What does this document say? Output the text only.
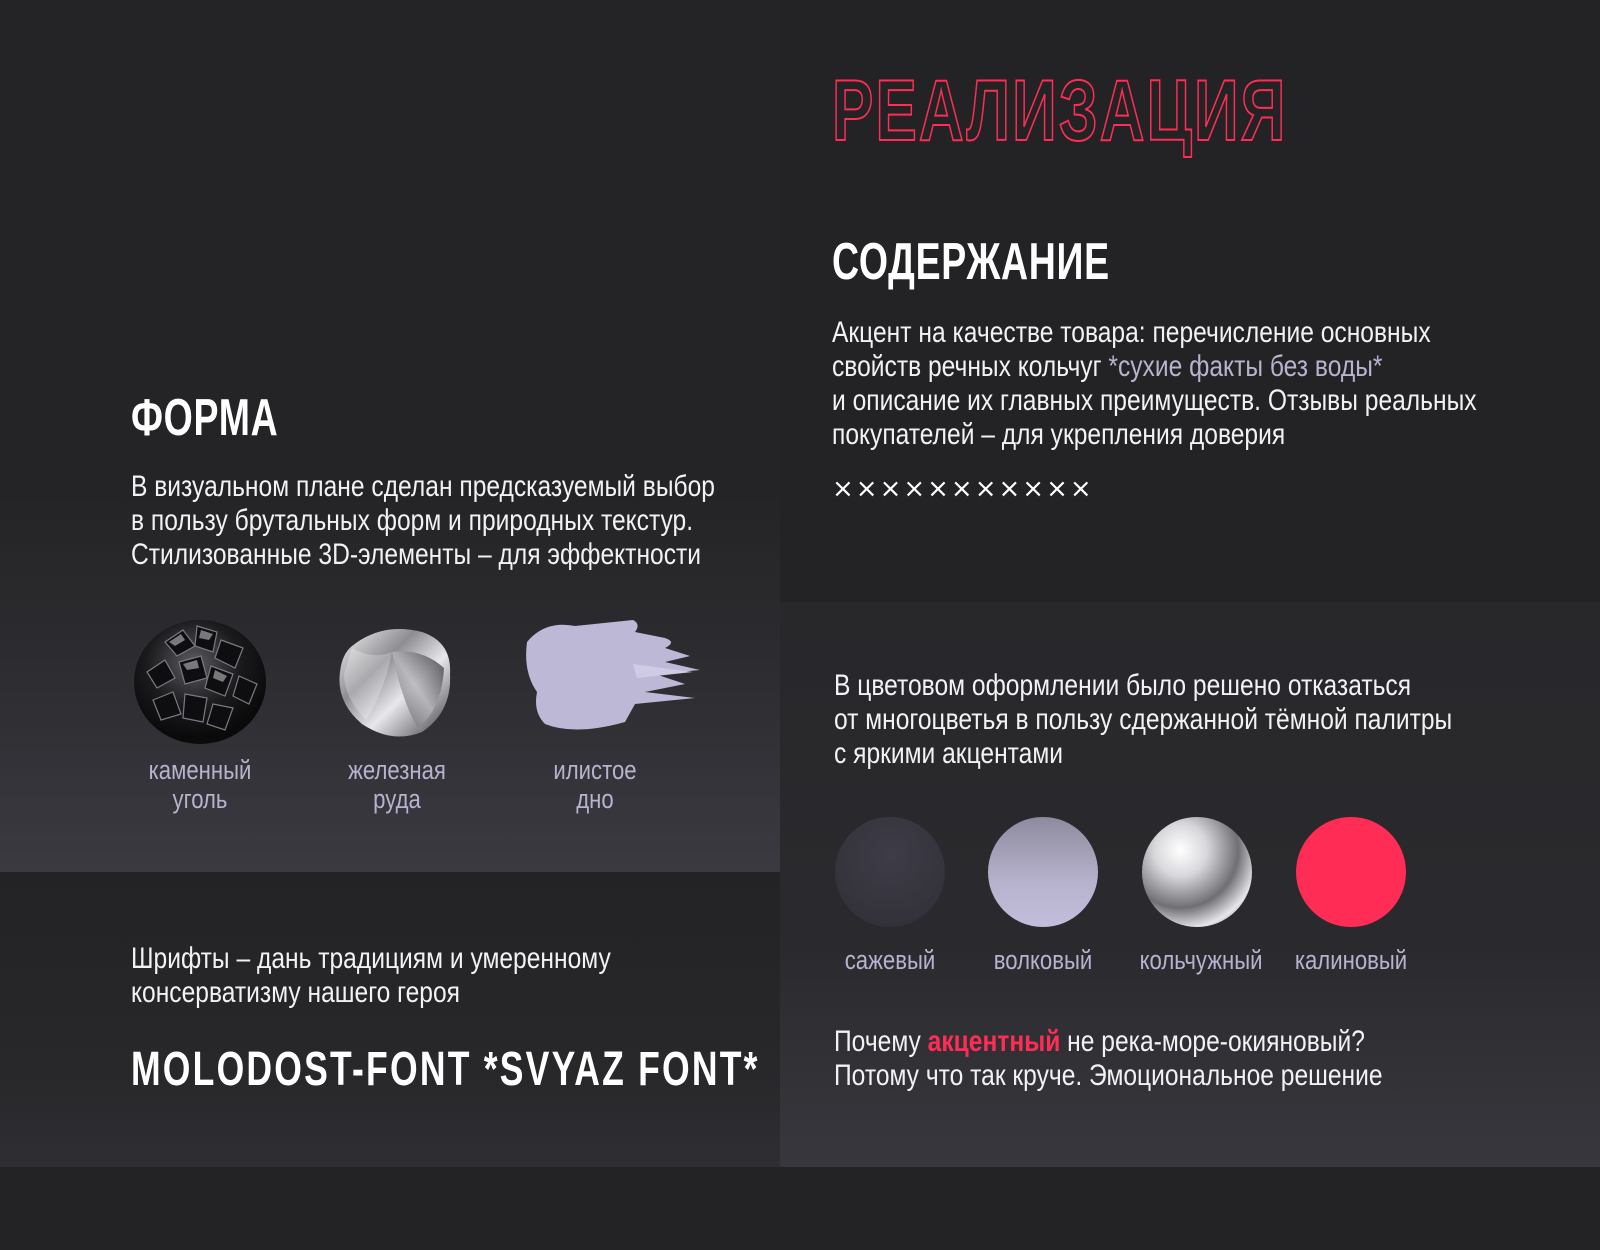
РЕАЛИЗАЦИЯ
СОДЕРЖАНИЕ
Акцент на качестве товара: перечисление основных
свойств речных кольчуг *сухие факты без воды*
и описание их главных преимуществ. Отзывы реальных
покупателей – для укрепления доверия
×××××××××××
ФОРМА
В визуальном плане сделан предсказуемый выбор
в пользу брутальных форм и природных текстур.
Стилизованные 3D-элементы – для эффектности
каменный
уголь
железная
руда
илистое
дно
В цветовом оформлении было решено отказаться
от многоцветья в пользу сдержанной тёмной палитры
с яркими акцентами
сажевый	волковый	кольчужный калиновый
Почему акцентный не река-море-окияновый?
Потому что так круче. Эмоциональное решение
Шрифты – дань традициям и умеренному
консерватизму нашего героя
MOLODOST-FONT *SVYAZ FONT*
